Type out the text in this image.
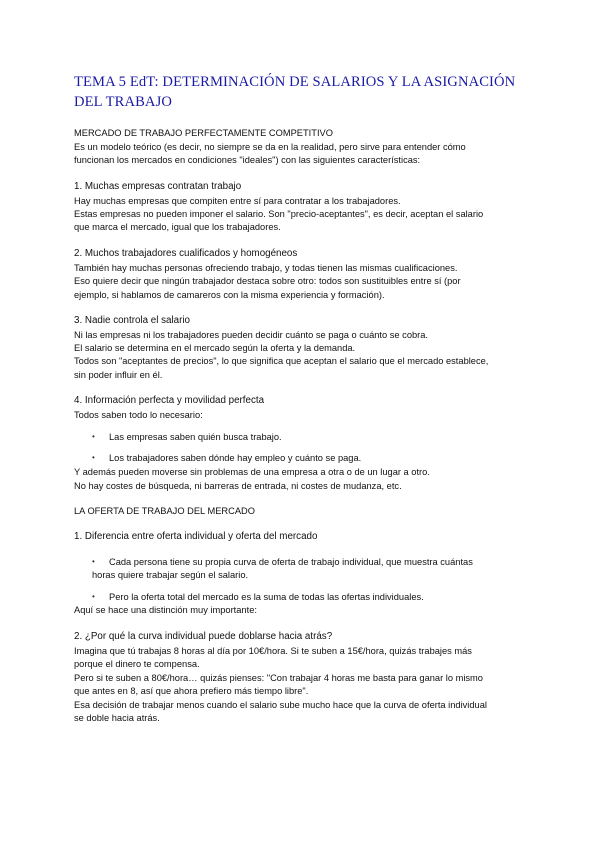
TEMA 5 EdT: DETERMINACIÓN DE SALARIOS Y LA ASIGNACIÓN
DEL TRABAJO
MERCADO DE TRABAJO PERFECTAMENTE COMPETITIVO
Es un modelo teórico (es decir, no siempre se da en la realidad, pero sirve para entender cómo
funcionan los mercados en condiciones "ideales") con las siguientes características:
1. Muchas empresas contratan trabajo
Hay muchas empresas que compiten entre sí para contratar a los trabajadores.
Estas empresas no pueden imponer el salario. Son "precio-aceptantes", es decir, aceptan el salario
que marca el mercado, igual que los trabajadores.
2. Muchos trabajadores cualificados y homogéneos
También hay muchas personas ofreciendo trabajo, y todas tienen las mismas cualificaciones.
Eso quiere decir que ningún trabajador destaca sobre otro: todos son sustituibles entre sí (por
ejemplo, si hablamos de camareros con la misma experiencia y formación).
3. Nadie controla el salario
Ni las empresas ni los trabajadores pueden decidir cuánto se paga o cuánto se cobra.
El salario se determina en el mercado según la oferta y la demanda.
Todos son "aceptantes de precios", lo que significa que aceptan el salario que el mercado establece,
sin poder influir en él.
4. Información perfecta y movilidad perfecta
Todos saben todo lo necesario:
• Las empresas saben quién busca trabajo.
• Los trabajadores saben dónde hay empleo y cuánto se paga.
Y además pueden moverse sin problemas de una empresa a otra o de un lugar a otro.
No hay costes de búsqueda, ni barreras de entrada, ni costes de mudanza, etc.
LA OFERTA DE TRABAJO DEL MERCADO
1. Diferencia entre oferta individual y oferta del mercado
• Cada persona tiene su propia curva de oferta de trabajo individual, que muestra cuántas
horas quiere trabajar según el salario.
• Pero la oferta total del mercado es la suma de todas las ofertas individuales.
Aquí se hace una distinción muy importante:
2. ¿Por qué la curva individual puede doblarse hacia atrás?
Imagina que tú trabajas 8 horas al día por 10€/hora. Si te suben a 15€/hora, quizás trabajes más
porque el dinero te compensa.
Pero si te suben a 80€/hora… quizás pienses: "Con trabajar 4 horas me basta para ganar lo mismo
que antes en 8, así que ahora prefiero más tiempo libre".
Esa decisión de trabajar menos cuando el salario sube mucho hace que la curva de oferta individual
se doble hacia atrás.
